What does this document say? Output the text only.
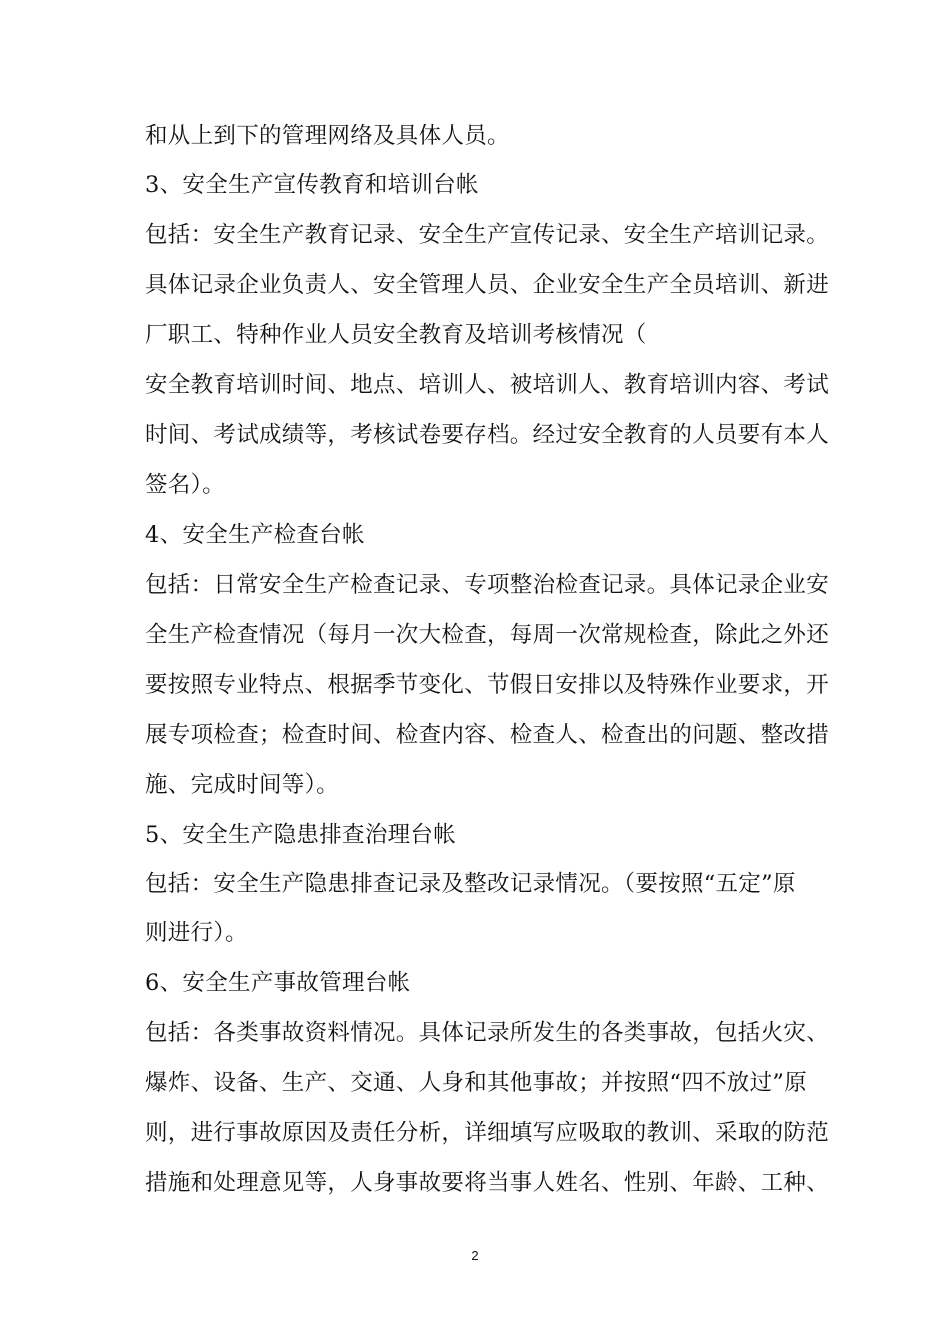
和从上到下的管理网络及具体人员。

3、安全生产宣传教育和培训台帐

包括：安全生产教育记录、安全生产宣传记录、安全生产培训记录。

具体记录企业负责人、安全管理人员、企业安全生产全员培训、新进

厂职工、特种作业人员安全教育及培训考核情况（

安全教育培训时间、地点、培训人、被培训人、教育培训内容、考试

时间、考试成绩等，考核试卷要存档。经过安全教育的人员要有本人

签名）。

4、安全生产检查台帐

包括：日常安全生产检查记录、专项整治检查记录。具体记录企业安

全生产检查情况（每月一次大检查，每周一次常规检查，除此之外还

要按照专业特点、根据季节变化、节假日安排以及特殊作业要求，开

展专项检查；检查时间、检查内容、检查人、检查出的问题、整改措

施、完成时间等）。

5、安全生产隐患排查治理台帐

包括：安全生产隐患排查记录及整改记录情况。（要按照“五定”原

则进行）。

6、安全生产事故管理台帐

包括：各类事故资料情况。具体记录所发生的各类事故，包括火灾、

爆炸、设备、生产、交通、人身和其他事故；并按照“四不放过”原

则，进行事故原因及责任分析，详细填写应吸取的教训、采取的防范

措施和处理意见等，人身事故要将当事人姓名、性别、年龄、工种、

2
